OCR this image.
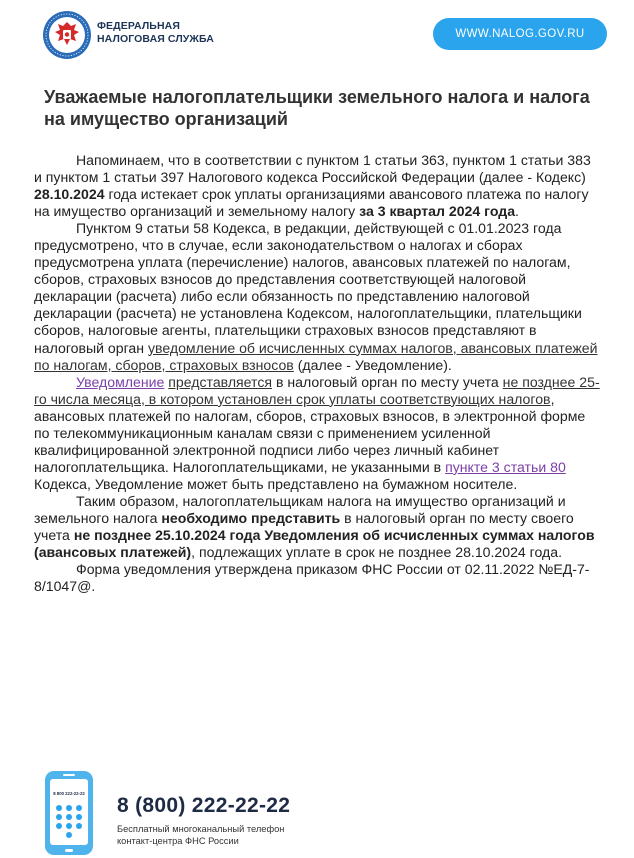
ФЕДЕРАЛЬНАЯ
НАЛОГОВАЯ СЛУЖБА	WWW.NALOG.GOV.RU
Уважаемые налогоплательщики земельного налога и налога на имущество организаций

Напоминаем, что в соответствии с пунктом 1 статьи 363, пунктом 1 статьи 383 и пунктом 1 статьи 397 Налогового кодекса Российской Федерации (далее - Кодекс) 28.10.2024 года истекает срок уплаты организациями авансового платежа по налогу на имущество организаций и земельному налогу за 3 квартал 2024 года.

Пунктом 9 статьи 58 Кодекса, в редакции, действующей с 01.01.2023 года предусмотрено, что в случае, если законодательством о налогах и сборах предусмотрена уплата (перечисление) налогов, авансовых платежей по налогам, сборов, страховых взносов до представления соответствующей налоговой декларации (расчета) либо если обязанность по представлению налоговой декларации (расчета) не установлена Кодексом, налогоплательщики, плательщики сборов, налоговые агенты, плательщики страховых взносов представляют в налоговый орган уведомление об исчисленных суммах налогов, авансовых платежей по налогам, сборов, страховых взносов (далее - Уведомление).

Уведомление представляется в налоговый орган по месту учета не позднее 25-го числа месяца, в котором установлен срок уплаты соответствующих налогов, авансовых платежей по налогам, сборов, страховых взносов, в электронной форме по телекоммуникационным каналам связи с применением усиленной квалифицированной электронной подписи либо через личный кабинет налогоплательщика. Налогоплательщиками, не указанными в пункте 3 статьи 80 Кодекса, Уведомление может быть представлено на бумажном носителе.

Таким образом, налогоплательщикам налога на имущество организаций и земельного налога необходимо представить в налоговый орган по месту своего учета не позднее 25.10.2024 года Уведомления об исчисленных суммах налогов (авансовых платежей), подлежащих уплате в срок не позднее 28.10.2024 года.

Форма уведомления утверждена приказом ФНС России от 02.11.2022 №ЕД-7-8/1047@.

8 800 222-22-22
8 (800) 222-22-22
Бесплатный многоканальный телефон
контакт-центра ФНС России
